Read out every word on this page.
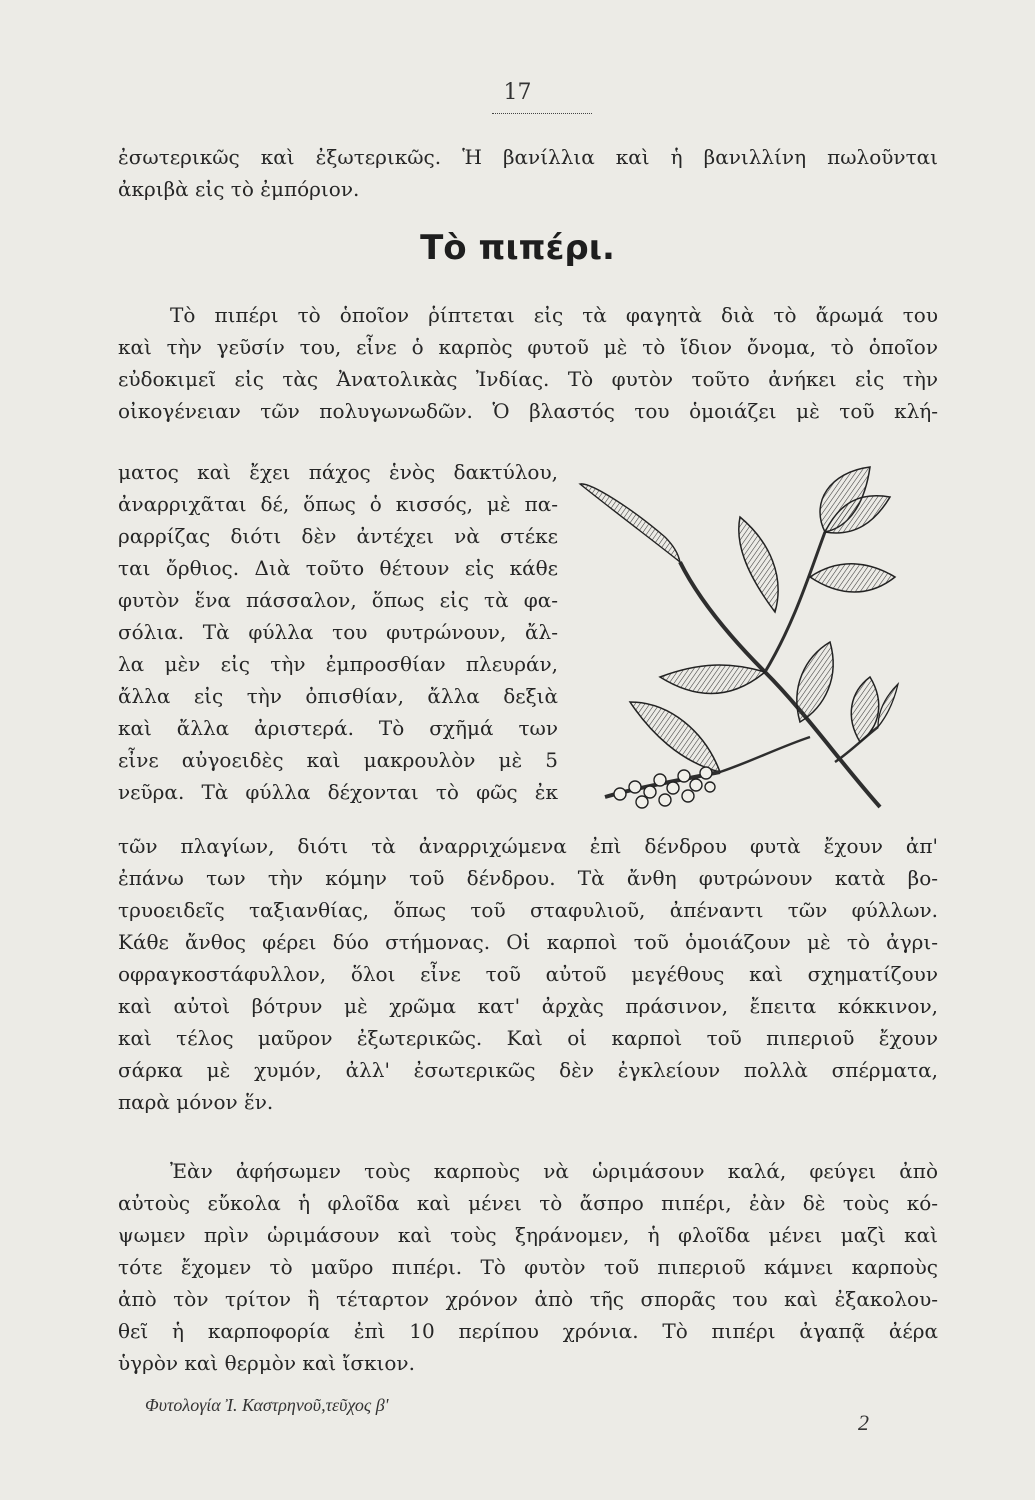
17
ἐσωτερικῶς καὶ ἐξωτερικῶς. Ἡ βανίλλια καὶ ἡ βανιλλίνη πωλοῦνται
ἀκριβὰ εἰς τὸ ἐμπόριον.
Τὸ πιπέρι.
Τὸ πιπέρι τὸ ὁποῖον ῥίπτεται εἰς τὰ φαγητὰ διὰ τὸ ἄρωμά του
καὶ τὴν γεῦσίν του, εἶνε ὁ καρπὸς φυτοῦ μὲ τὸ ἴδιον ὄνομα, τὸ ὁποῖον
εὐδοκιμεῖ εἰς τὰς Ἀνατολικὰς Ἰνδίας. Τὸ φυτὸν τοῦτο ἀνήκει εἰς τὴν
οἰκογένειαν τῶν πολυγωνωδῶν. Ὁ βλαστός του ὁμοιάζει μὲ τοῦ κλή-
ματος καὶ ἔχει πάχος ἑνὸς δακτύλου,
ἀναρριχᾶται δέ, ὅπως ὁ κισσός, μὲ πα-
ραρρίζας διότι δὲν ἀντέχει νὰ στέκε
ται ὄρθιος. Διὰ τοῦτο θέτουν εἰς κάθε
φυτὸν ἕνα πάσσαλον, ὅπως εἰς τὰ φα-
σόλια. Τὰ φύλλα του φυτρώνουν, ἄλ-
λα μὲν εἰς τὴν ἐμπροσθίαν πλευράν,
ἄλλα εἰς τὴν ὀπισθίαν, ἄλλα δεξιὰ
καὶ ἄλλα ἀριστερά. Τὸ σχῆμά των
εἶνε αὐγοειδὲς καὶ μακρουλὸν μὲ 5
νεῦρα. Τὰ φύλλα δέχονται τὸ φῶς ἐκ
τῶν πλαγίων, διότι τὰ ἀναρριχώμενα ἐπὶ δένδρου φυτὰ ἔχουν ἀπ'
ἐπάνω των τὴν κόμην τοῦ δένδρου. Τὰ ἄνθη φυτρώνουν κατὰ βο-
τρυοειδεῖς ταξιανθίας, ὅπως τοῦ σταφυλιοῦ, ἀπέναντι τῶν φύλλων.
Κάθε ἄνθος φέρει δύο στήμονας. Οἱ καρποὶ τοῦ ὁμοιάζουν μὲ τὸ ἀγρι-
οφραγκοστάφυλλον, ὅλοι εἶνε τοῦ αὐτοῦ μεγέθους καὶ σχηματίζουν
καὶ αὐτοὶ βότρυν μὲ χρῶμα κατ' ἀρχὰς πράσινον, ἔπειτα κόκκινον,
καὶ τέλος μαῦρον ἐξωτερικῶς. Καὶ οἱ καρποὶ τοῦ πιπεριοῦ ἔχουν
σάρκα μὲ χυμόν, ἀλλ' ἐσωτερικῶς δὲν ἐγκλείουν πολλὰ σπέρματα,
παρὰ μόνον ἕν.
Ἐὰν ἀφήσωμεν τοὺς καρποὺς νὰ ὡριμάσουν καλά, φεύγει ἀπὸ
αὐτοὺς εὔκολα ἡ φλοῖδα καὶ μένει τὸ ἄσπρο πιπέρι, ἐὰν δὲ τοὺς κό-
ψωμεν πρὶν ὡριμάσουν καὶ τοὺς ξηράνομεν, ἡ φλοῖδα μένει μαζὶ καὶ
τότε ἔχομεν τὸ μαῦρο πιπέρι. Τὸ φυτὸν τοῦ πιπεριοῦ κάμνει καρποὺς
ἀπὸ τὸν τρίτον ἢ τέταρτον χρόνον ἀπὸ τῆς σπορᾶς του καὶ ἐξακολου-
θεῖ ἡ καρποφορία ἐπὶ 10 περίπου χρόνια. Τὸ πιπέρι ἀγαπᾷ ἀέρα
ὑγρὸν καὶ θερμὸν καὶ ἴσκιον.
Φυτολογία Ἰ. Καστρηνοῦ,τεῦχος β'
2
